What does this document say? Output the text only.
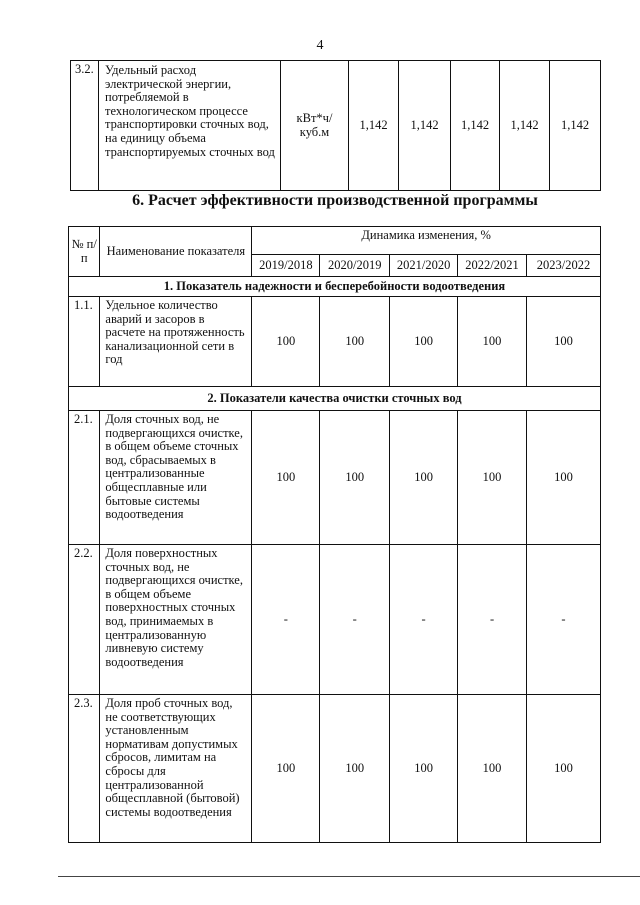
4
3.2.	Удельный расход электрической энергии, потребляемой в технологическом процессе транспортировки сточных вод, на единицу объема транспортируемых сточных вод	кВт*ч/ куб.м	1,142	1,142	1,142	1,142	1,142
6. Расчет эффективности производственной программы
№ п/п	Наименование показателя	Динамика изменения, %				
		2019/2018	2020/2019	2021/2020	2022/2021	2023/2022
1. Показатель надежности и бесперебойности водоотведения						
1.1.	Удельное количество аварий и засоров в расчете на протяженность канализационной сети в год	100	100	100	100	100
2. Показатели качества очистки сточных вод						
2.1.	Доля сточных вод, не подвергающихся очистке, в общем объеме сточных вод, сбрасываемых в централизованные общесплавные или бытовые системы водоотведения	100	100	100	100	100
2.2.	Доля поверхностных сточных вод, не подвергающихся очистке, в общем объеме поверхностных сточных вод, принимаемых в централизованную ливневую систему водоотведения	-	-	-	-	-
2.3.	Доля проб сточных вод, не соответствующих установленным нормативам допустимых сбросов, лимитам на сбросы для централизованной общесплавной (бытовой) системы водоотведения	100	100	100	100	100
